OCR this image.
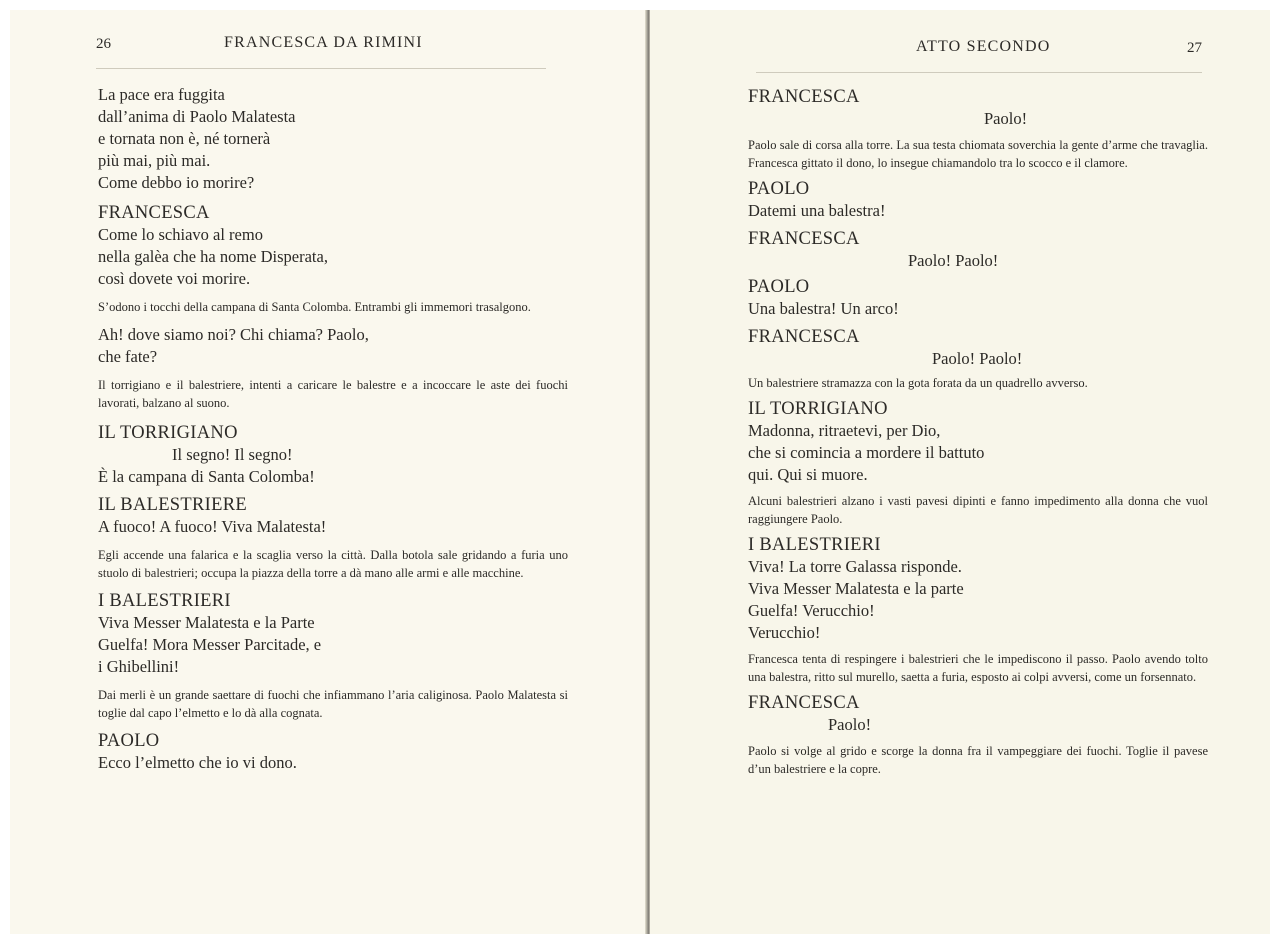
26	FRANCESCA DA RIMINI

La pace era fuggita

dall’anima di Paolo Malatesta

e tornata non è, né tornerà

più mai, più mai.

Come debbo io morire?

FRANCESCA

Come lo schiavo al remo

nella galèa che ha nome Disperata,

così dovete voi morire.

S’odono i tocchi della campana di Santa Colomba. Entrambi gli immemori trasalgono.

Ah! dove siamo noi? Chi chiama? Paolo,

che fate?

Il torrigiano e il balestriere, intenti a caricare le balestre e a incoccare le aste dei fuochi lavorati, balzano al suono.

IL TORRIGIANO

Il segno! Il segno!

È la campana di Santa Colomba!

IL BALESTRIERE

A fuoco! A fuoco! Viva Malatesta!

Egli accende una falarica e la scaglia verso la città. Dalla botola sale gridando a furia uno stuolo di balestrieri; occupa la piazza della torre a dà mano alle armi e alle macchine.

I BALESTRIERI

Viva Messer Malatesta e la Parte

Guelfa! Mora Messer Parcitade, e

i Ghibellini!

Dai merli è un grande saettare di fuochi che infiammano l’aria caliginosa. Paolo Malatesta si toglie dal capo l’elmetto e lo dà alla cognata.

PAOLO

Ecco l’elmetto che io vi dono.

ATTO SECONDO	27

FRANCESCA

Paolo!

Paolo sale di corsa alla torre. La sua testa chiomata soverchia la gente d’arme che travaglia. Francesca gittato il dono, lo insegue chiamandolo tra lo scocco e il clamore.

PAOLO

Datemi una balestra!

FRANCESCA

Paolo! Paolo!

PAOLO

Una balestra! Un arco!

FRANCESCA

Paolo! Paolo!

Un balestriere stramazza con la gota forata da un quadrello avverso.

IL TORRIGIANO

Madonna, ritraetevi, per Dio,

che si comincia a mordere il battuto

qui. Qui si muore.

Alcuni balestrieri alzano i vasti pavesi dipinti e fanno impedimento alla donna che vuol raggiungere Paolo.

I BALESTRIERI

Viva! La torre Galassa risponde.

Viva Messer Malatesta e la parte

Guelfa! Verucchio!

Verucchio!

Francesca tenta di respingere i balestrieri che le impediscono il passo. Paolo avendo tolto una balestra, ritto sul murello, saetta a furia, esposto ai colpi avversi, come un forsennato.

FRANCESCA

Paolo!

Paolo si volge al grido e scorge la donna fra il vampeggiare dei fuochi. Toglie il pavese d’un balestriere e la copre.
